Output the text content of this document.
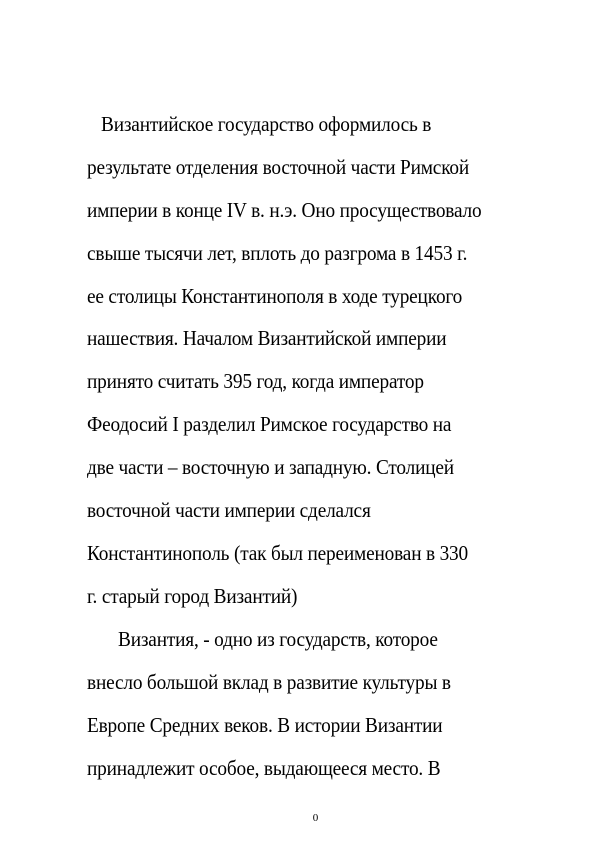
Византийское государство оформилось в
результате отделения восточной части Римской
империи в конце IV в. н.э. Оно просуществовало
свыше тысячи лет, вплоть до разгрома в 1453 г.
ее столицы Константинополя в ходе турецкого
нашествия. Началом Византийской империи
принято считать 395 год, когда император
Феодосий I разделил Римское государство на
две части – восточную и западную. Столицей
восточной части империи сделался
Константинополь (так был переименован в 330
г. старый город Византий)
Византия, - одно из государств, которое
внесло большой вклад в развитие культуры в
Европе Средних веков. В истории Византии
принадлежит особое, выдающееся место. В
0
